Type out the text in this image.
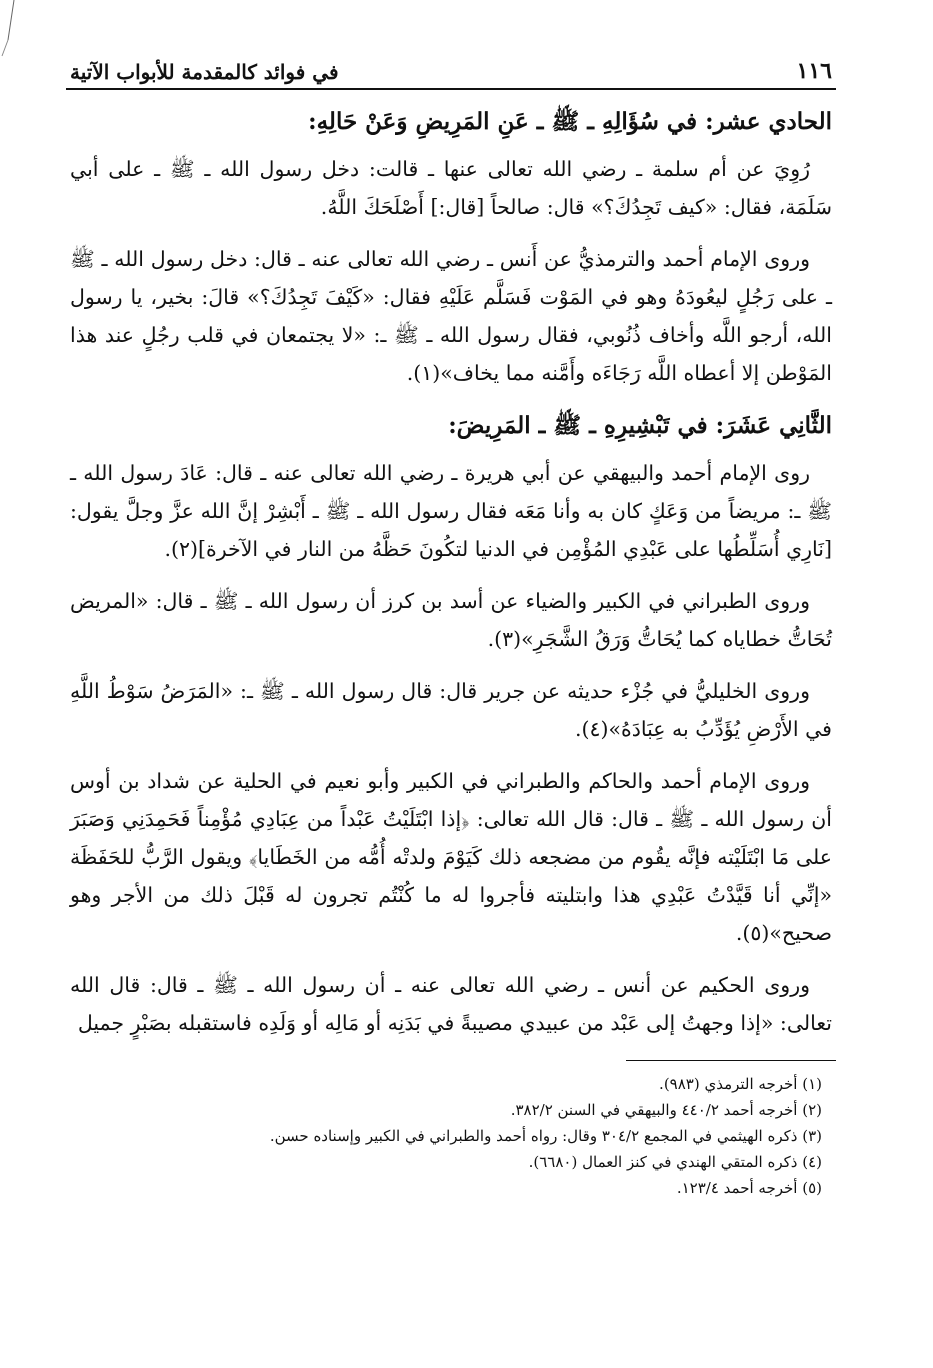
١١٦
في فوائد كالمقدمة للأبواب الآتية
الحادي عشر: في سُؤَالِهِ ـ ﷺ ـ عَنِ المَرِيضِ وَعَنْ حَالِهِ:

رُوِيَ عن أم سلمة ـ رضي الله تعالى عنها ـ قالت: دخل رسول الله ـ ﷺ ـ على أبي سَلَمَة، فقال: «كيف تَجِدُكَ؟» قال: صالحاً [قال:] أَصْلَحَكَ اللَّهُ.

وروى الإمام أحمد والترمذيُّ عن أَنس ـ رضي الله تعالى عنه ـ قال: دخل رسول الله ـ ﷺ ـ على رَجُلٍ ليعُودَهُ وهو في المَوْت فَسَلَّم عَلَيْهِ فقال: «كَيْفَ تَجِدُكَ؟» قالَ: بخير، يا رسول الله، أرجو اللَّه وأخاف ذُنُوبي، فقال رسول الله ـ ﷺ ـ: «لا يجتمعان في قلب رجُلٍ عند هذا المَوْطن إلا أعطاه اللَّه رَجَاءَه وأَمَّنه مما يخاف»(١).

الثَّانِي عَشَرَ: في تَبْشِيرِهِ ـ ﷺ ـ المَرِيضَ:

روى الإمام أحمد والبيهقي عن أبي هريرة ـ رضي الله تعالى عنه ـ قال: عَادَ رسول الله ـ ﷺ ـ: مريضاً من وَعَكٍ كان به وأنا مَعَه فقال رسول الله ـ ﷺ ـ أَبْشِرْ إنَّ الله عزَّ وجلَّ يقول: [نَارِي أُسَلِّطُها على عَبْدِي المُؤْمِن في الدنيا لتكُونَ حَظَّهُ من النار في الآخرة](٢).

وروى الطبراني في الكبير والضياء عن أسد بن كرز أن رسول الله ـ ﷺ ـ قال: «المريض تُحَاتُّ خطاياه كما يُحَاتُّ وَرَقُ الشَّجَرِ»(٣).

وروى الخليليُّ في جُزْء حديثه عن جرير قال: قال رسول الله ـ ﷺ ـ: «المَرَضُ سَوْطُ اللَّهِ في الأَرْضِ يُؤَدِّبُ به عِبَادَهُ»(٤).

وروى الإمام أحمد والحاكم والطبراني في الكبير وأبو نعيم في الحلية عن شداد بن أوس أن رسول الله ـ ﷺ ـ قال: قال الله تعالى: ﴿إذا ابْتَلَيْتُ عَبْداً من عِبَادِي مُؤْمِناً فَحَمِدَنِي وَصَبَرَ على مَا ابْتَلَيْته فإنَّه يقُوم من مضجعه ذلك كَيَوْمَ ولدتْه أُمُّه من الخَطَايا﴾ ويقول الرَّبُّ للحَفَظَة «إنِّي أنا قَيَّدْتُ عَبْدِي هذا وابتليته فأجروا له ما كُنْتُم تجرون له قَبْلَ ذلك من الأجر وهو صحيح»(٥).

وروى الحكيم عن أنس ـ رضي الله تعالى عنه ـ أن رسول الله ـ ﷺ ـ قال: قال الله تعالى: «إذا وجهتُ إلى عَبْد من عبيدي مصيبةً في بَدَنِه أو مَالِه أو وَلَدِه فاستقبله بصَبْرٍ جميل

(١) أخرجه الترمذي (٩٨٣).
(٢) أخرجه أحمد ٤٤٠/٢ والبيهقي في السنن ٣٨٢/٢.
(٣) ذكره الهيثمي في المجمع ٣٠٤/٢ وقال: رواه أحمد والطبراني في الكبير وإسناده حسن.
(٤) ذكره المتقي الهندي في كنز العمال (٦٦٨٠).
(٥) أخرجه أحمد ١٢٣/٤.
